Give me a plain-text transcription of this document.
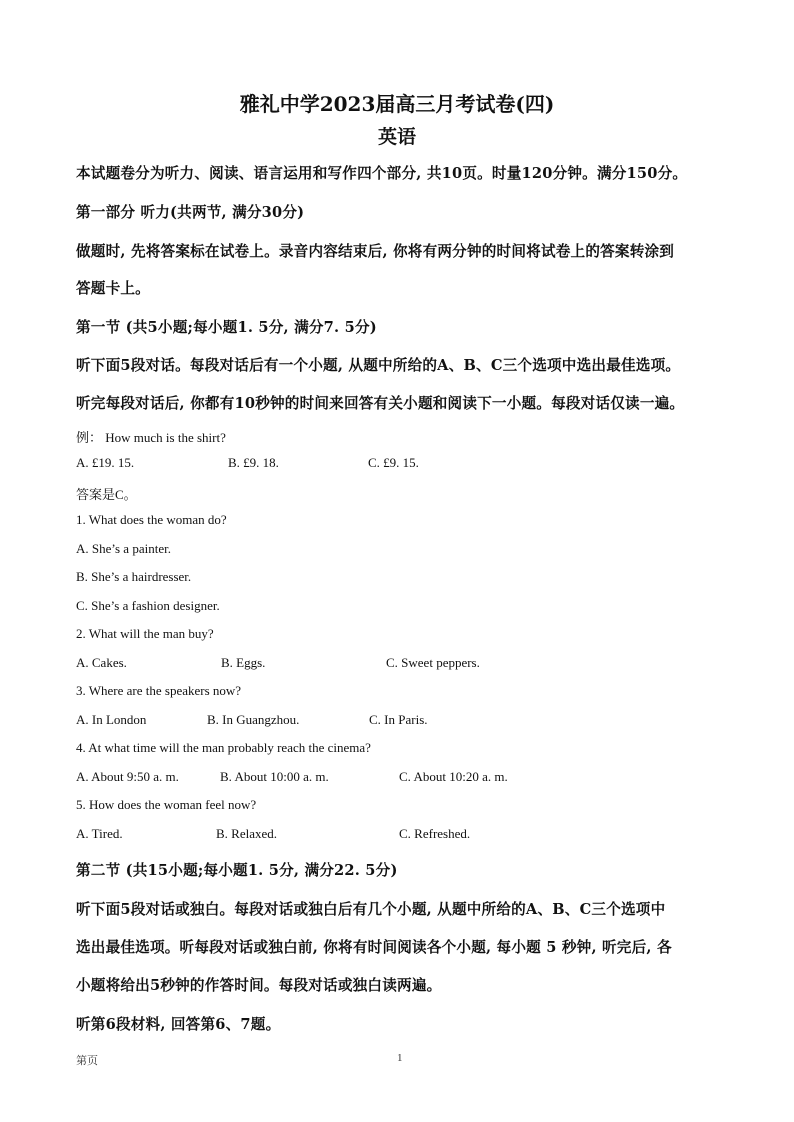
雅礼中学2023届高三月考试卷(四)
英语
本试题卷分为听力、阅读、语言运用和写作四个部分, 共10页。时量120分钟。满分150分。
第一部分 听力(共两节, 满分30分)
做题时, 先将答案标在试卷上。录音内容结束后, 你将有两分钟的时间将试卷上的答案转涂到
答题卡上。
第一节 (共5小题;每小题1. 5分, 满分7. 5分)
听下面5段对话。每段对话后有一个小题, 从题中所给的A、B、C三个选项中选出最佳选项。
听完每段对话后, 你都有10秒钟的时间来回答有关小题和阅读下一小题。每段对话仅读一遍。
例： How much is the shirt?
A. £19. 15.	B. £9. 18.	C. £9. 15.
答案是C。
1. What does the woman do?
A. She’s a painter.
B. She’s a hairdresser.
C. She’s a fashion designer.
2. What will the man buy?
A. Cakes.	B. Eggs.	C. Sweet peppers.
3. Where are the speakers now?
A. In London	B. In Guangzhou.	C. In Paris.
4. At what time will the man probably reach the cinema?
A. About 9:50 a. m.	B. About 10:00 a. m.	C. About 10:20 a. m.
5. How does the woman feel now?
A. Tired.	B. Relaxed.	C. Refreshed.
第二节 (共15小题;每小题1. 5分, 满分22. 5分)
听下面5段对话或独白。每段对话或独白后有几个小题, 从题中所给的A、B、C三个选项中
选出最佳选项。听每段对话或独白前, 你将有时间阅读各个小题, 每小题 5 秒钟, 听完后, 各
小题将给出5秒钟的作答时间。每段对话或独白读两遍。
听第6段材料, 回答第6、7题。
第页	1
